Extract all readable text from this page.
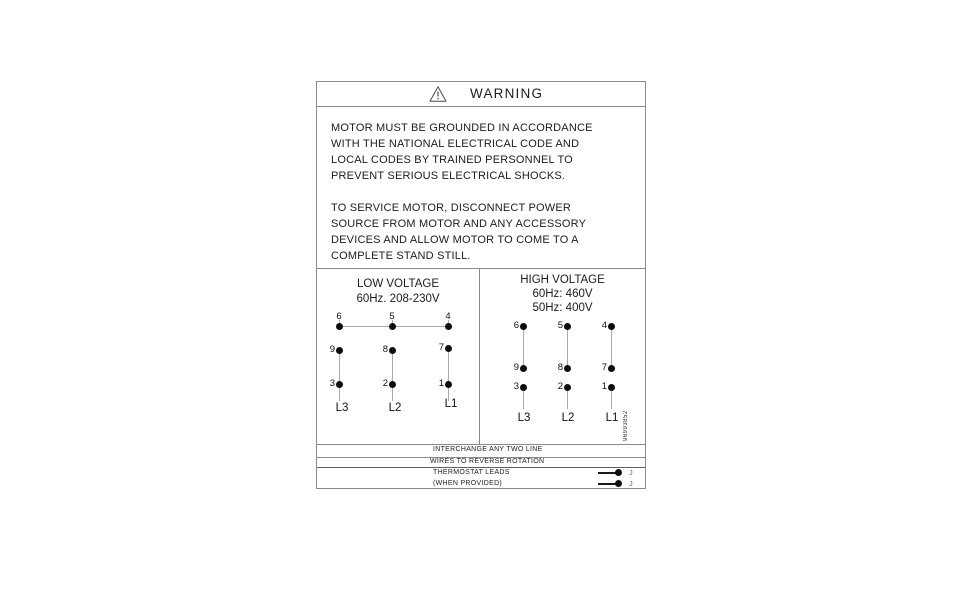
WARNING
MOTOR MUST BE GROUNDED IN ACCORDANCE
WITH THE NATIONAL ELECTRICAL CODE AND
LOCAL CODES BY TRAINED PERSONNEL TO
PREVENT SERIOUS ELECTRICAL SHOCKS.
TO SERVICE MOTOR, DISCONNECT POWER
SOURCE FROM MOTOR AND ANY ACCESSORY
DEVICES AND ALLOW MOTOR TO COME TO A
COMPLETE STAND STILL.
LOW VOLTAGE
60Hz. 208-230V
6	5	4
9	8	7
3	2	1
L3	L2	L1
HIGH VOLTAGE
60Hz: 460V
50Hz: 400V
6	5	4
9	8	7
3	2	1
L3	L2	L1 96993852
INTERCHANGE ANY TWO LINE
WIRES TO REVERSE ROTATION
THERMOSTAT LEADS
(WHEN PROVIDED)
J
J
